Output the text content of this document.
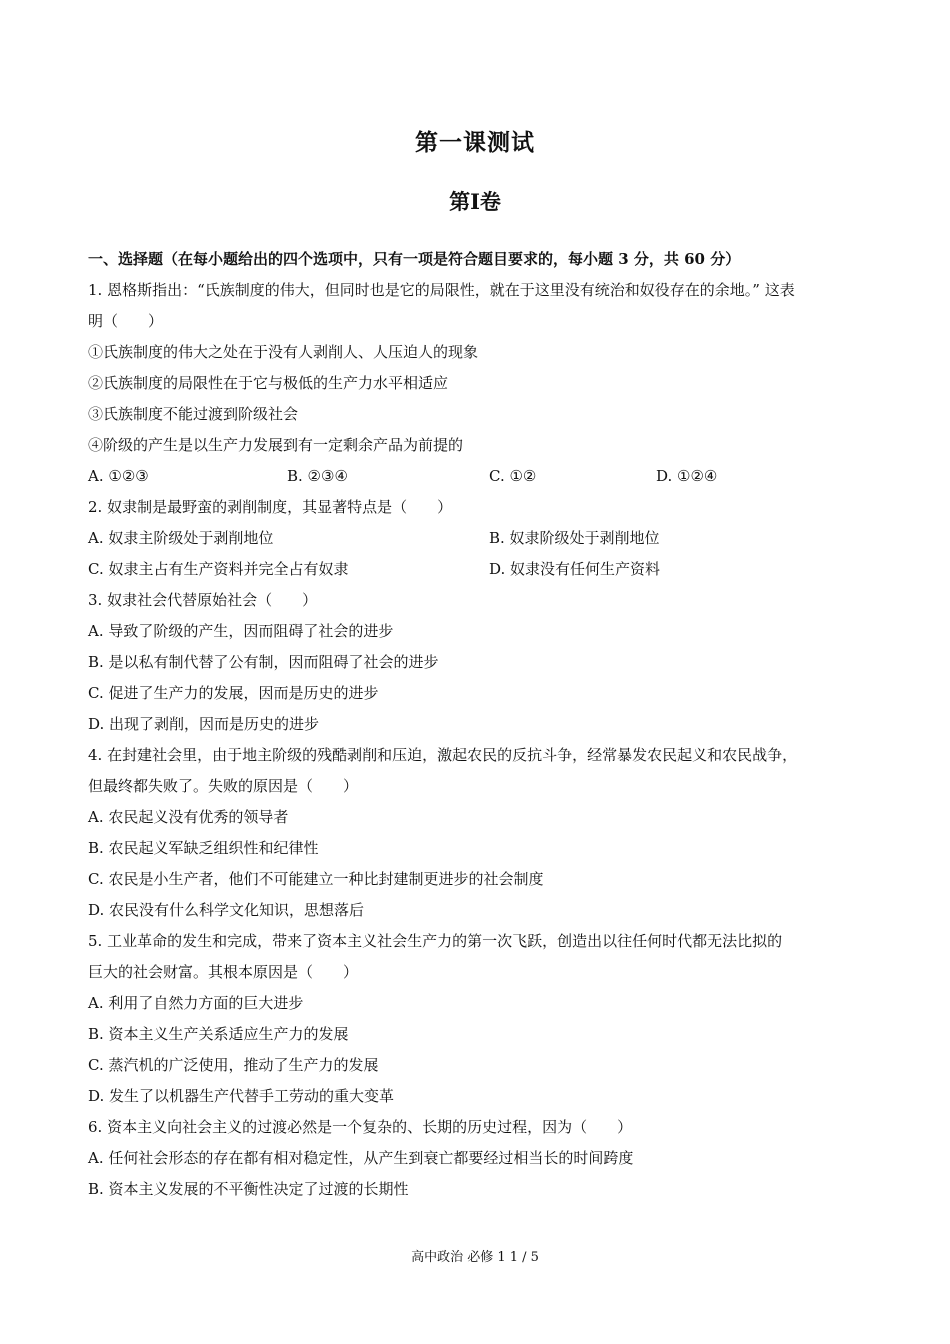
第一课测试
第Ⅰ卷
一、选择题（在每小题给出的四个选项中，只有一项是符合题目要求的，每小题 3 分，共 60 分）
1. 恩格斯指出：“氏族制度的伟大，但同时也是它的局限性，就在于这里没有统治和奴役存在的余地。” 这表
明（　　）
①氏族制度的伟大之处在于没有人剥削人、人压迫人的现象
②氏族制度的局限性在于它与极低的生产力水平相适应
③氏族制度不能过渡到阶级社会
④阶级的产生是以生产力发展到有一定剩余产品为前提的
A. ①②③	B. ②③④	C. ①②	D. ①②④
2. 奴隶制是最野蛮的剥削制度，其显著特点是（　　）
A. 奴隶主阶级处于剥削地位	B. 奴隶阶级处于剥削地位
C. 奴隶主占有生产资料并完全占有奴隶	D. 奴隶没有任何生产资料
3. 奴隶社会代替原始社会（　　）
A. 导致了阶级的产生，因而阻碍了社会的进步
B. 是以私有制代替了公有制，因而阻碍了社会的进步
C. 促进了生产力的发展，因而是历史的进步
D. 出现了剥削，因而是历史的进步
4. 在封建社会里，由于地主阶级的残酷剥削和压迫，激起农民的反抗斗争，经常暴发农民起义和农民战争，
但最终都失败了。失败的原因是（　　）
A. 农民起义没有优秀的领导者
B. 农民起义军缺乏组织性和纪律性
C. 农民是小生产者，他们不可能建立一种比封建制更进步的社会制度
D. 农民没有什么科学文化知识，思想落后
5. 工业革命的发生和完成，带来了资本主义社会生产力的第一次飞跃，创造出以往任何时代都无法比拟的
巨大的社会财富。其根本原因是（　　）
A. 利用了自然力方面的巨大进步
B. 资本主义生产关系适应生产力的发展
C. 蒸汽机的广泛使用，推动了生产力的发展
D. 发生了以机器生产代替手工劳动的重大变革
6. 资本主义向社会主义的过渡必然是一个复杂的、长期的历史过程，因为（　　）
A. 任何社会形态的存在都有相对稳定性，从产生到衰亡都要经过相当长的时间跨度
B. 资本主义发展的不平衡性决定了过渡的长期性
高中政治 必修 1 1 / 5
